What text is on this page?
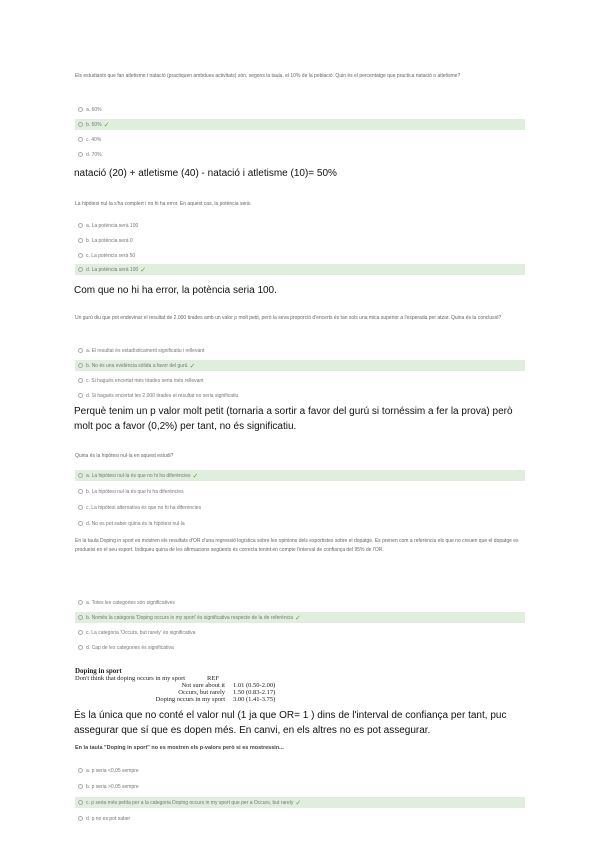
Els estudiants que fan atletisme i natació (practiquen ambdues activitats) són, segons la taula, el 10% de la població. Quin és el percentatge que practica natació o atletisme?
a.
60%
b.
50% ✓
c.
40%
d.
70%
natació (20) + atletisme (40) - natació i atletisme (10)= 50%
La hipòtesi nul·la s'ha complert i no hi ha error. En aquest cas, la potència serà:
a.
La potència serà 100
b.
La potència serà 0
c.
La potència serà 50
d.
La potència serà 100 ✓
Com que no hi ha error, la potència seria 100.
Un gurú diu que pot endevinar el resultat de 2.000 tirades amb un valor p molt petit, però la seva proporció d'encerts és tan sols una mica superior a l'esperada per atzar. Quina és la conclusió?
a.
El resultat és estadísticament significatiu i rellevant
b.
No és una evidència sòlida a favor del gurú ✓
c.
Si hagués encertat més tirades seria més rellevant
d.
Si hagués encertat les 2.000 tirades el resultat no seria significatiu
Perquè tenim un p valor molt petit (tornaria a sortir a favor del gurú si tornéssim a fer la prova) però molt poc a favor (0,2%) per tant, no és significatiu.
Quina és la hipòtesi nul·la en aquest estudi?
a.
La hipòtesi nul·la és que no hi ha diferències ✓
b.
La hipòtesi nul·la és que hi ha diferències
c.
La hipòtesi alternativa és que no hi ha diferències
d.
No es pot saber quina és la hipòtesi nul·la
En la taula Doping in sport es mostren els resultats d'OR d'una regressió logística sobre les opinions dels esportistes sobre el dopatge. Es prenen com a referència els que no creuen que el dopatge es produeixi en el seu esport. Indiqueu quina de les afirmacions següents és correcta tenint en compte l'interval de confiança del 95% de l'OR.
a.
Totes les categories són significatives
b.
Només la categoria 'Doping occurs in my sport' és significativa respecte de la de referència ✓
c.
La categoria 'Occurs, but rarely' és significativa
d.
Cap de les categories és significativa
Doping in sport
Don't think that doping occurs in my sport	REF
Not sure about it 1.01 (0.50-2.00)
Occurs, but rarely 1.50 (0.83-2.17)
Doping occurs in my sport 3.00 (1.41-3.75)
És la única que no conté el valor nul (1 ja que OR= 1 ) dins de l'interval de confiança per tant, puc assegurar que sí que es dopen més. En canvi, en els altres no es pot assegurar.
En la taula "Doping in sport" no es mostren els p-valors però si es mostressin...
a.
p seria <0,05 sempre
b.
p seria >0,05 sempre
c.
p seria més petita per a la categoria Doping occurs in my sport que per a Occurs, but rarely ✓
d.
p no es pot saber
